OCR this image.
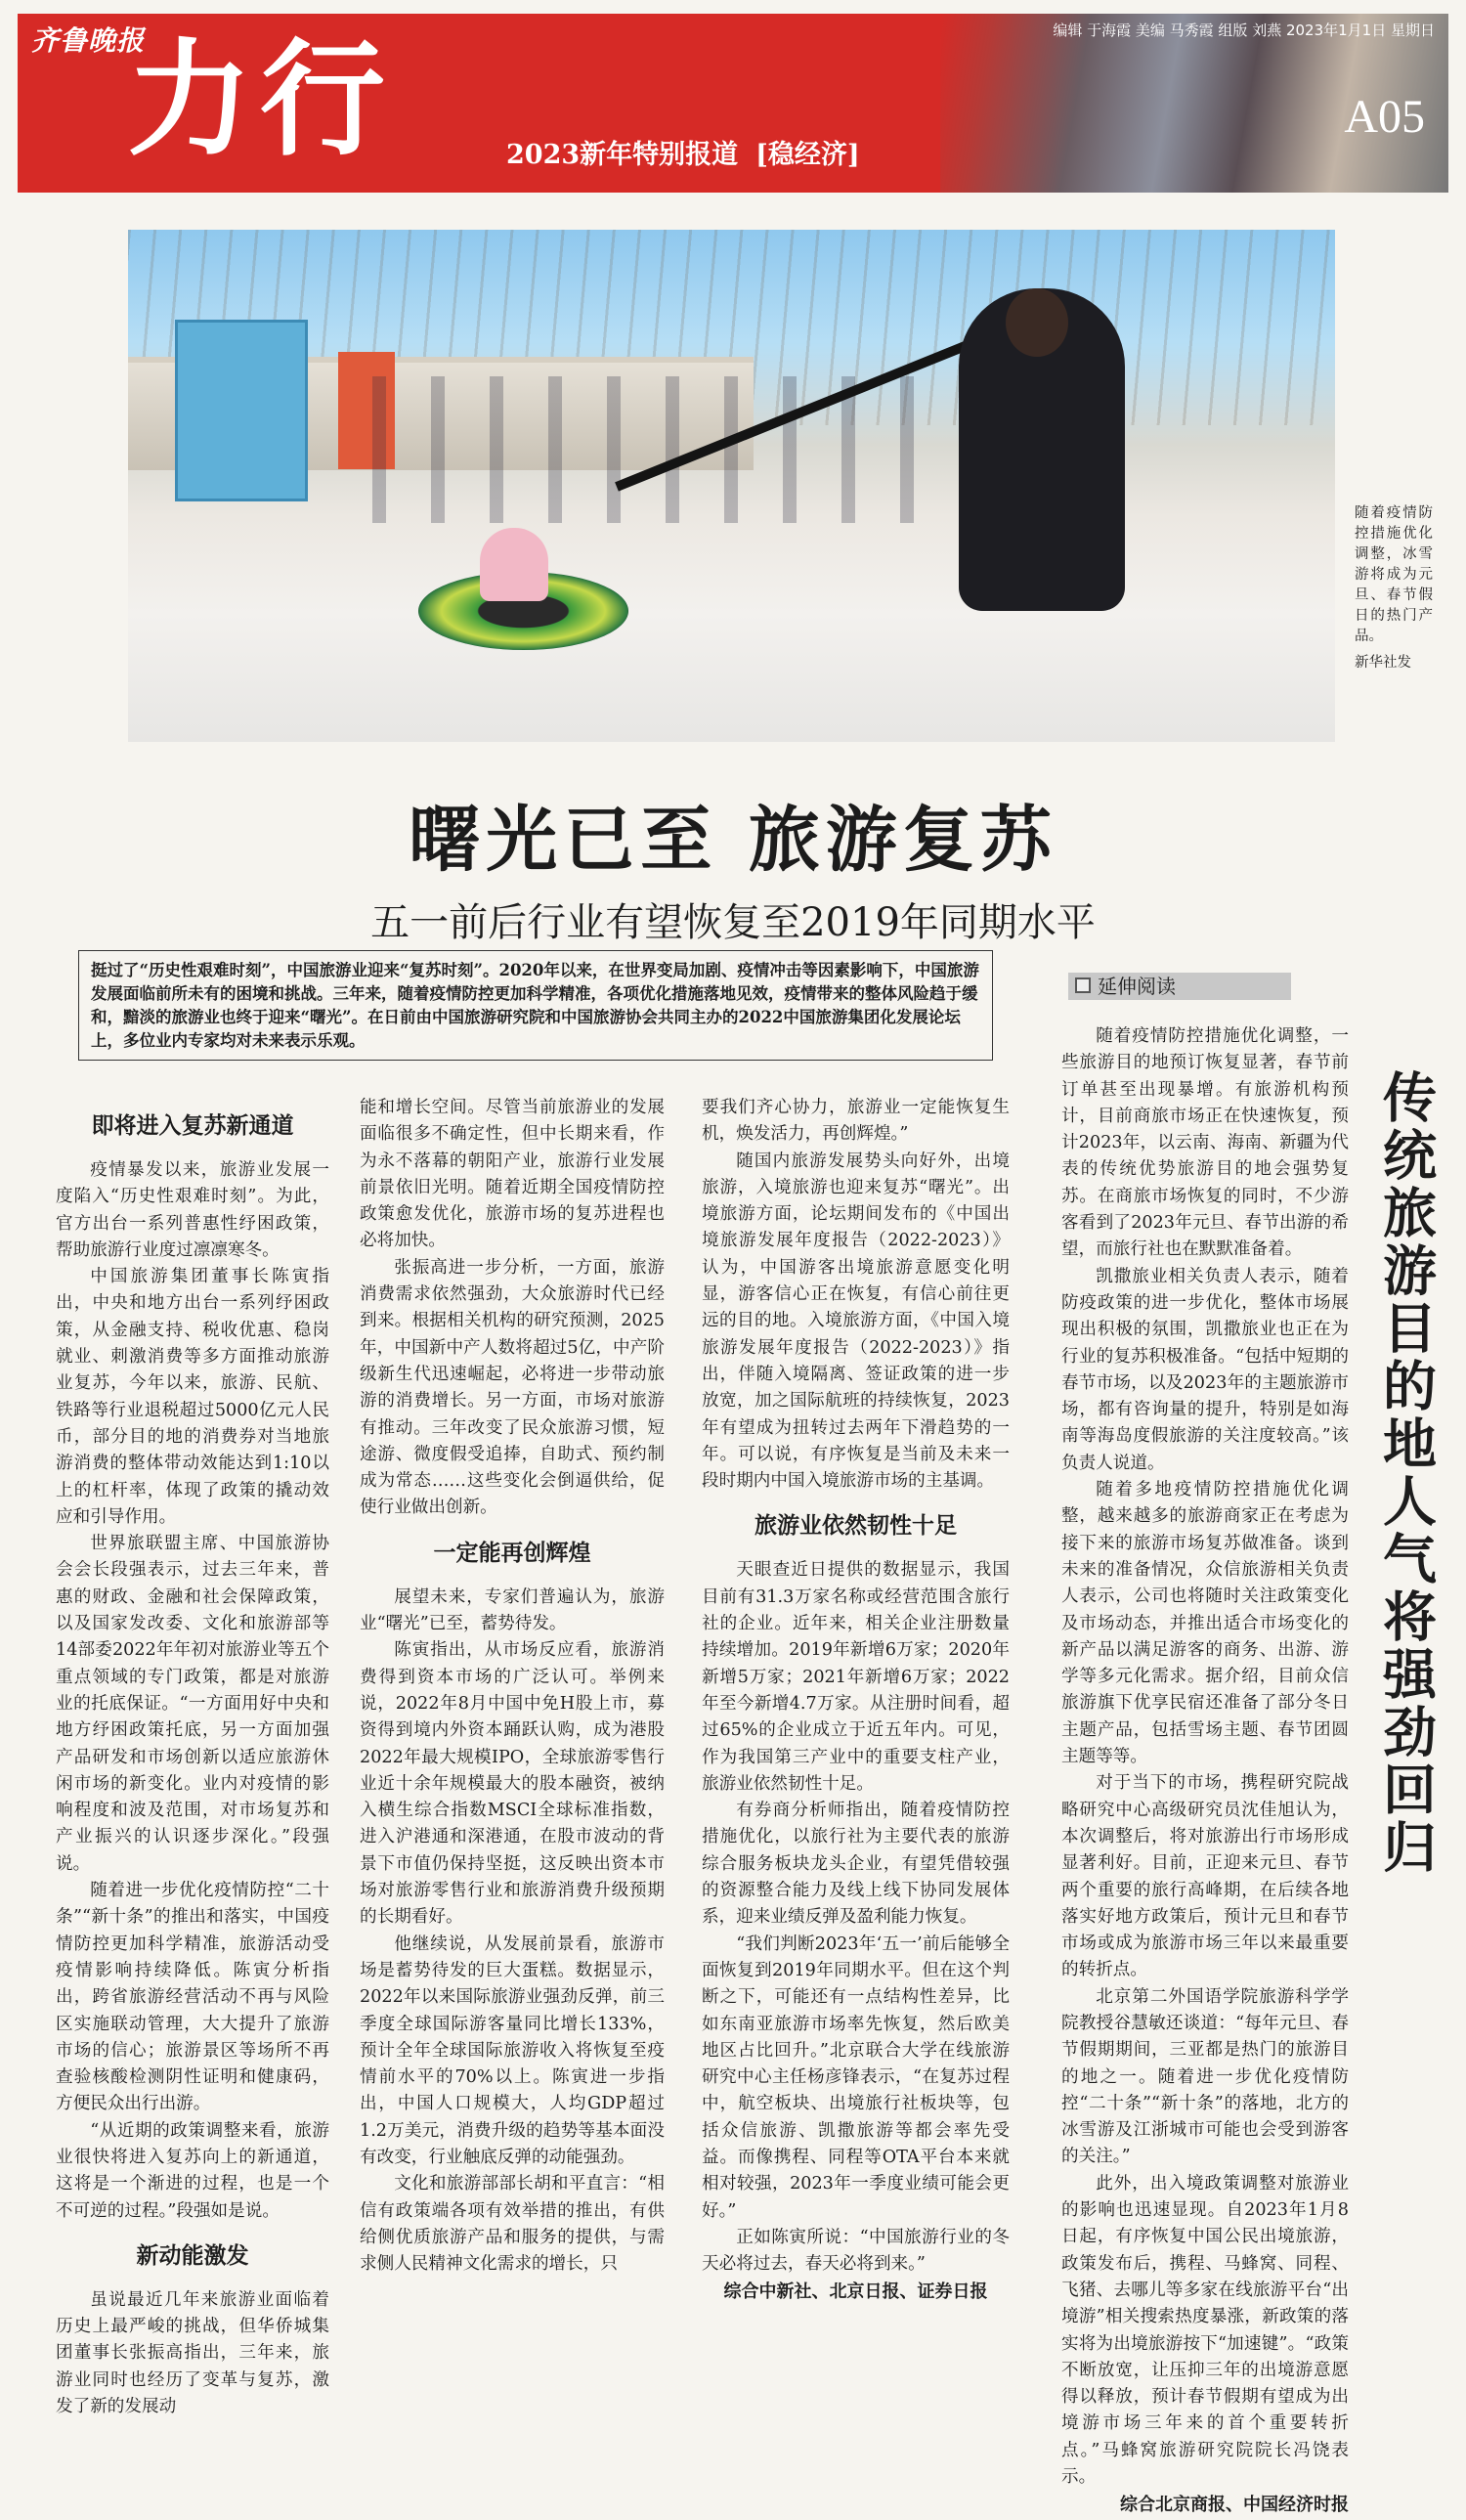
齐鲁晚报
力行	2023新年特别报道 [稳经济]
编辑 于海霞 美编 马秀霞 组版 刘燕 2023年1月1日 星期日
A05
随着疫情防控措施优化调整，冰雪游将成为元旦、春节假日的热门产品。
新华社发
曙光已至 旅游复苏
五一前后行业有望恢复至2019年同期水平
挺过了“历史性艰难时刻”，中国旅游业迎来“复苏时刻”。2020年以来，在世界变局加剧、疫情冲击等因素影响下，中国旅游发展面临前所未有的困境和挑战。三年来，随着疫情防控更加科学精准，各项优化措施落地见效，疫情带来的整体风险趋于缓和，黯淡的旅游业也终于迎来“曙光”。在日前由中国旅游研究院和中国旅游协会共同主办的2022中国旅游集团化发展论坛上，多位业内专家均对未来表示乐观。
延伸阅读
即将进入复苏新通道

疫情暴发以来，旅游业发展一度陷入“历史性艰难时刻”。为此，官方出台一系列普惠性纾困政策，帮助旅游行业度过凛凛寒冬。

中国旅游集团董事长陈寅指出，中央和地方出台一系列纾困政策，从金融支持、税收优惠、稳岗就业、刺激消费等多方面推动旅游业复苏，今年以来，旅游、民航、铁路等行业退税超过5000亿元人民币，部分目的地的消费券对当地旅游消费的整体带动效能达到1:10以上的杠杆率，体现了政策的撬动效应和引导作用。

世界旅联盟主席、中国旅游协会会长段强表示，过去三年来，普惠的财政、金融和社会保障政策，以及国家发改委、文化和旅游部等14部委2022年年初对旅游业等五个重点领域的专门政策，都是对旅游业的托底保证。“一方面用好中央和地方纾困政策托底，另一方面加强产品研发和市场创新以适应旅游休闲市场的新变化。业内对疫情的影响程度和波及范围，对市场复苏和产业振兴的认识逐步深化。”段强说。

随着进一步优化疫情防控“二十条”“新十条”的推出和落实，中国疫情防控更加科学精准，旅游活动受疫情影响持续降低。陈寅分析指出，跨省旅游经营活动不再与风险区实施联动管理，大大提升了旅游市场的信心；旅游景区等场所不再查验核酸检测阴性证明和健康码，方便民众出行出游。

“从近期的政策调整来看，旅游业很快将进入复苏向上的新通道，这将是一个渐进的过程，也是一个不可逆的过程。”段强如是说。

新动能激发

虽说最近几年来旅游业面临着历史上最严峻的挑战，但华侨城集团董事长张振高指出，三年来，旅游业同时也经历了变革与复苏，激发了新的发展动

能和增长空间。尽管当前旅游业的发展面临很多不确定性，但中长期来看，作为永不落幕的朝阳产业，旅游行业发展前景依旧光明。随着近期全国疫情防控政策愈发优化，旅游市场的复苏进程也必将加快。

张振高进一步分析，一方面，旅游消费需求依然强劲，大众旅游时代已经到来。根据相关机构的研究预测，2025年，中国新中产人数将超过5亿，中产阶级新生代迅速崛起，必将进一步带动旅游的消费增长。另一方面，市场对旅游有推动。三年改变了民众旅游习惯，短途游、微度假受追捧，自助式、预约制成为常态……这些变化会倒逼供给，促使行业做出创新。

一定能再创辉煌

展望未来，专家们普遍认为，旅游业“曙光”已至，蓄势待发。

陈寅指出，从市场反应看，旅游消费得到资本市场的广泛认可。举例来说，2022年8月中国中免H股上市，募资得到境内外资本踊跃认购，成为港股2022年最大规模IPO，全球旅游零售行业近十余年规模最大的股本融资，被纳入横生综合指数MSCI全球标准指数，进入沪港通和深港通，在股市波动的背景下市值仍保持坚挺，这反映出资本市场对旅游零售行业和旅游消费升级预期的长期看好。

他继续说，从发展前景看，旅游市场是蓄势待发的巨大蛋糕。数据显示，2022年以来国际旅游业强劲反弹，前三季度全球国际游客量同比增长133%，预计全年全球国际旅游收入将恢复至疫情前水平的70%以上。陈寅进一步指出，中国人口规模大，人均GDP超过1.2万美元，消费升级的趋势等基本面没有改变，行业触底反弹的动能强劲。

文化和旅游部部长胡和平直言：“相信有政策端各项有效举措的推出，有供给侧优质旅游产品和服务的提供，与需求侧人民精神文化需求的增长，只

要我们齐心协力，旅游业一定能恢复生机，焕发活力，再创辉煌。”

随国内旅游发展势头向好外，出境旅游，入境旅游也迎来复苏“曙光”。出境旅游方面，论坛期间发布的《中国出境旅游发展年度报告（2022-2023）》认为，中国游客出境旅游意愿变化明显，游客信心正在恢复，有信心前往更远的目的地。入境旅游方面，《中国入境旅游发展年度报告（2022-2023）》指出，伴随入境隔离、签证政策的进一步放宽，加之国际航班的持续恢复，2023年有望成为扭转过去两年下滑趋势的一年。可以说，有序恢复是当前及未来一段时期内中国入境旅游市场的主基调。

旅游业依然韧性十足

天眼查近日提供的数据显示，我国目前有31.3万家名称或经营范围含旅行社的企业。近年来，相关企业注册数量持续增加。2019年新增6万家；2020年新增5万家；2021年新增6万家；2022年至今新增4.7万家。从注册时间看，超过65%的企业成立于近五年内。可见，作为我国第三产业中的重要支柱产业，旅游业依然韧性十足。

有券商分析师指出，随着疫情防控措施优化，以旅行社为主要代表的旅游综合服务板块龙头企业，有望凭借较强的资源整合能力及线上线下协同发展体系，迎来业绩反弹及盈利能力恢复。

“我们判断2023年‘五一’前后能够全面恢复到2019年同期水平。但在这个判断之下，可能还有一点结构性差异，比如东南亚旅游市场率先恢复，然后欧美地区占比回升。”北京联合大学在线旅游研究中心主任杨彦锋表示，“在复苏过程中，航空板块、出境旅行社板块等，包括众信旅游、凯撒旅游等都会率先受益。而像携程、同程等OTA平台本来就相对较强，2023年一季度业绩可能会更好。”

正如陈寅所说：“中国旅游行业的冬天必将过去，春天必将到来。”

综合中新社、北京日报、证券日报

随着疫情防控措施优化调整，一些旅游目的地预订恢复显著，春节前订单甚至出现暴增。有旅游机构预计，目前商旅市场正在快速恢复，预计2023年，以云南、海南、新疆为代表的传统优势旅游目的地会强势复苏。在商旅市场恢复的同时，不少游客看到了2023年元旦、春节出游的希望，而旅行社也在默默准备着。

凯撒旅业相关负责人表示，随着防疫政策的进一步优化，整体市场展现出积极的氛围，凯撒旅业也正在为行业的复苏积极准备。“包括中短期的春节市场，以及2023年的主题旅游市场，都有咨询量的提升，特别是如海南等海岛度假旅游的关注度较高。”该负责人说道。

随着多地疫情防控措施优化调整，越来越多的旅游商家正在考虑为接下来的旅游市场复苏做准备。谈到未来的准备情况，众信旅游相关负责人表示，公司也将随时关注政策变化及市场动态，并推出适合市场变化的新产品以满足游客的商务、出游、游学等多元化需求。据介绍，目前众信旅游旗下优享民宿还准备了部分冬日主题产品，包括雪场主题、春节团圆主题等等。

对于当下的市场，携程研究院战略研究中心高级研究员沈佳旭认为，本次调整后，将对旅游出行市场形成显著利好。目前，正迎来元旦、春节两个重要的旅行高峰期，在后续各地落实好地方政策后，预计元旦和春节市场或成为旅游市场三年以来最重要的转折点。

北京第二外国语学院旅游科学学院教授谷慧敏还谈道：“每年元旦、春节假期期间，三亚都是热门的旅游目的地之一。随着进一步优化疫情防控“二十条”“新十条”的落地，北方的冰雪游及江浙城市可能也会受到游客的关注。”

此外，出入境政策调整对旅游业的影响也迅速显现。自2023年1月8日起，有序恢复中国公民出境旅游，政策发布后，携程、马蜂窝、同程、飞猪、去哪儿等多家在线旅游平台“出境游”相关搜索热度暴涨，新政策的落实将为出境旅游按下“加速键”。“政策不断放宽，让压抑三年的出境游意愿得以释放，预计春节假期有望成为出境游市场三年来的首个重要转折点。”马蜂窝旅游研究院院长冯饶表示。

综合北京商报、中国经济时报
传统旅游目的地人气将强劲回归
